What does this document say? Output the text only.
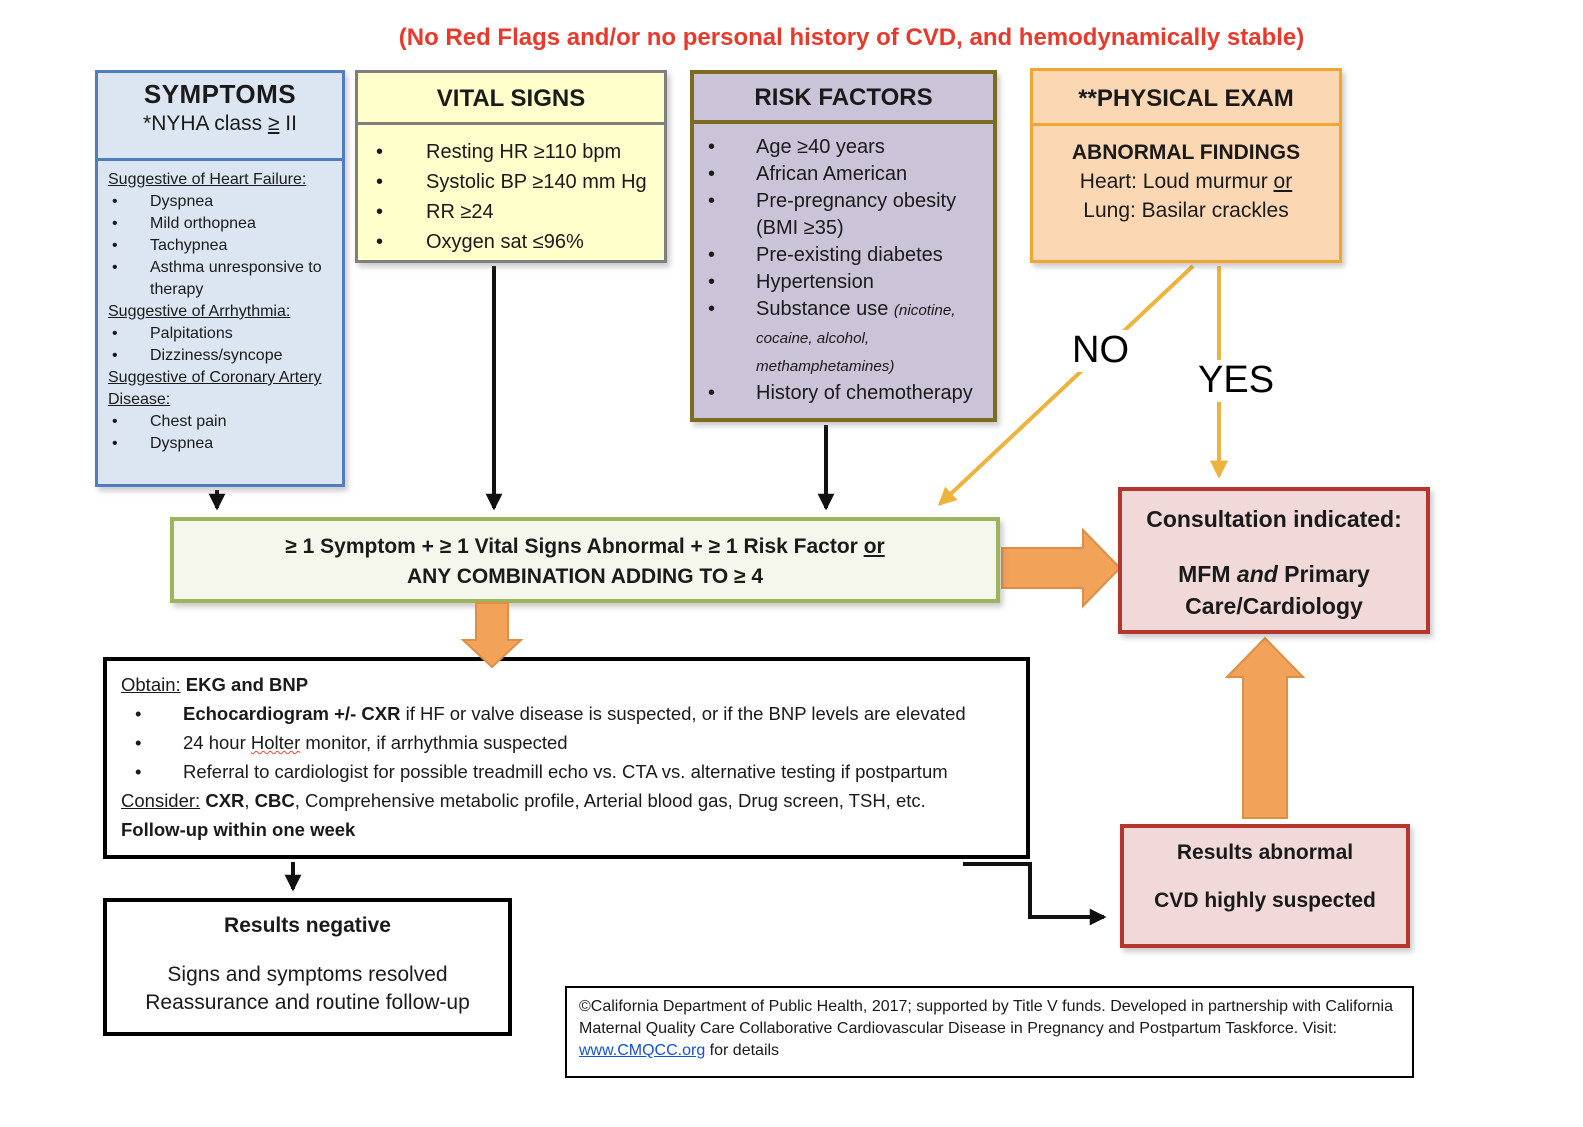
(No Red Flags and/or no personal history of CVD, and hemodynamically stable)
SYMPTOMS
*NYHA class ≥ II
Suggestive of Heart Failure:
•	Dyspnea
•	Mild orthopnea
•	Tachypnea
•	Asthma unresponsive to therapy
Suggestive of Arrhythmia:
•	Palpitations
•	Dizziness/syncope
Suggestive of Coronary Artery Disease:
•	Chest pain
•	Dyspnea
VITAL SIGNS
•	Resting HR ≥110 bpm
•	Systolic BP ≥140 mm Hg
•	RR ≥24
•	Oxygen sat ≤96%
RISK FACTORS
•	Age ≥40 years
•	African American
•	Pre-pregnancy obesity (BMI ≥35)
•	Pre-existing diabetes
•	Hypertension
•	Substance use (nicotine, cocaine, alcohol, methamphetamines)
•	History of chemotherapy
**PHYSICAL EXAM
ABNORMAL FINDINGS
Heart: Loud murmur or
Lung: Basilar crackles
≥ 1 Symptom + ≥ 1 Vital Signs Abnormal + ≥ 1 Risk Factor or
ANY COMBINATION ADDING TO ≥ 4
Consultation indicated:
MFM and Primary
Care/Cardiology
Obtain: EKG and BNP
•	Echocardiogram +/- CXR if HF or valve disease is suspected, or if the BNP levels are elevated
•	24 hour Holter monitor, if arrhythmia suspected
•	Referral to cardiologist for possible treadmill echo vs. CTA vs. alternative testing if postpartum
Consider: CXR, CBC, Comprehensive metabolic profile, Arterial blood gas, Drug screen, TSH, etc.
Follow-up within one week
Results negative
Signs and symptoms resolved
Reassurance and routine follow-up
Results abnormal
CVD highly suspected
©California Department of Public Health, 2017; supported by Title V funds. Developed in partnership with California Maternal Quality Care Collaborative Cardiovascular Disease in Pregnancy and Postpartum Taskforce. Visit: www.CMQCC.org for details
NO
YES
